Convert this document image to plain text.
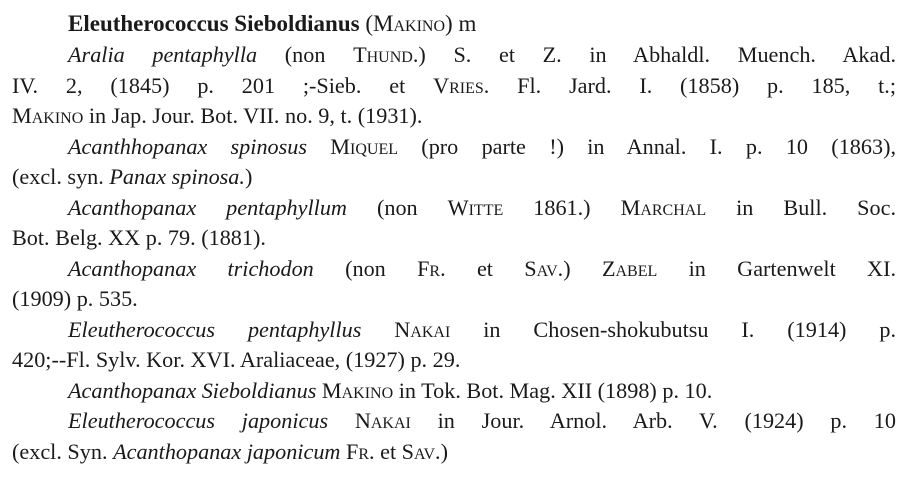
Eleutherococcus Sieboldianus (Makino) m

Aralia pentaphylla (non Thund.) S. et Z. in Abhaldl. Muench. Akad.
IV. 2, (1845) p. 201 ;-Sieb. et Vries. Fl. Jard. I. (1858) p. 185, t.;
Makino in Jap. Jour. Bot. VII. no. 9, t. (1931).

Acanthhopanax spinosus Miquel (pro parte !) in Annal. I. p. 10 (1863),
(excl. syn. Panax spinosa.)

Acanthopanax pentaphyllum (non Witte 1861.) Marchal in Bull. Soc.
Bot. Belg. XX p. 79. (1881).

Acanthopanax trichodon (non Fr. et Sav.) Zabel in Gartenwelt XI.
(1909) p. 535.

Eleutherococcus pentaphyllus Nakai in Chosen-shokubutsu I. (1914) p.
420;--Fl. Sylv. Kor. XVI. Araliaceae, (1927) p. 29.

Acanthopanax Sieboldianus Makino in Tok. Bot. Mag. XII (1898) p. 10.

Eleutherococcus japonicus Nakai in Jour. Arnol. Arb. V. (1924) p. 10
(excl. Syn. Acanthopanax japonicum Fr. et Sav.)
